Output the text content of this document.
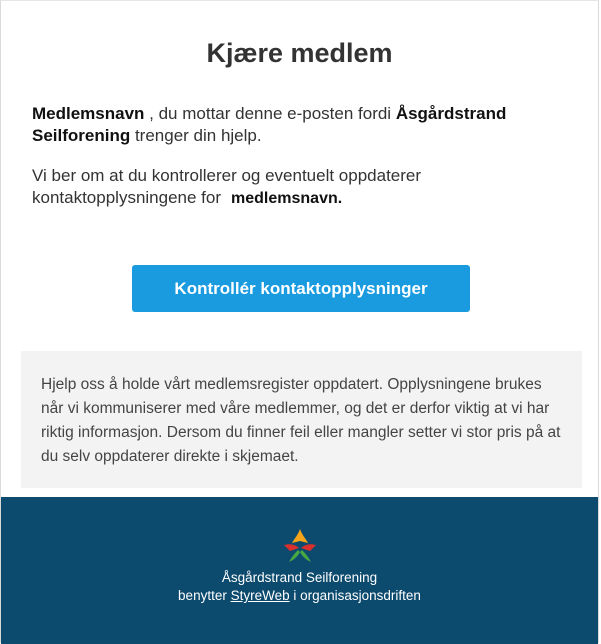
Kjære medlem

Medlemsnavn , du mottar denne e-posten fordi Åsgårdstrand Seilforening trenger din hjelp.

Vi ber om at du kontrollerer og eventuelt oppdaterer kontaktopplysningene for medlemsnavn.

Kontrollér kontaktopplysninger

Hjelp oss å holde vårt medlemsregister oppdatert. Opplysningene brukes når vi kommuniserer med våre medlemmer, og det er derfor viktig at vi har riktig informasjon. Dersom du finner feil eller mangler setter vi stor pris på at du selv oppdaterer direkte i skjemaet.

Åsgårdstrand Seilforening
benytter StyreWeb i organisasjonsdriften
